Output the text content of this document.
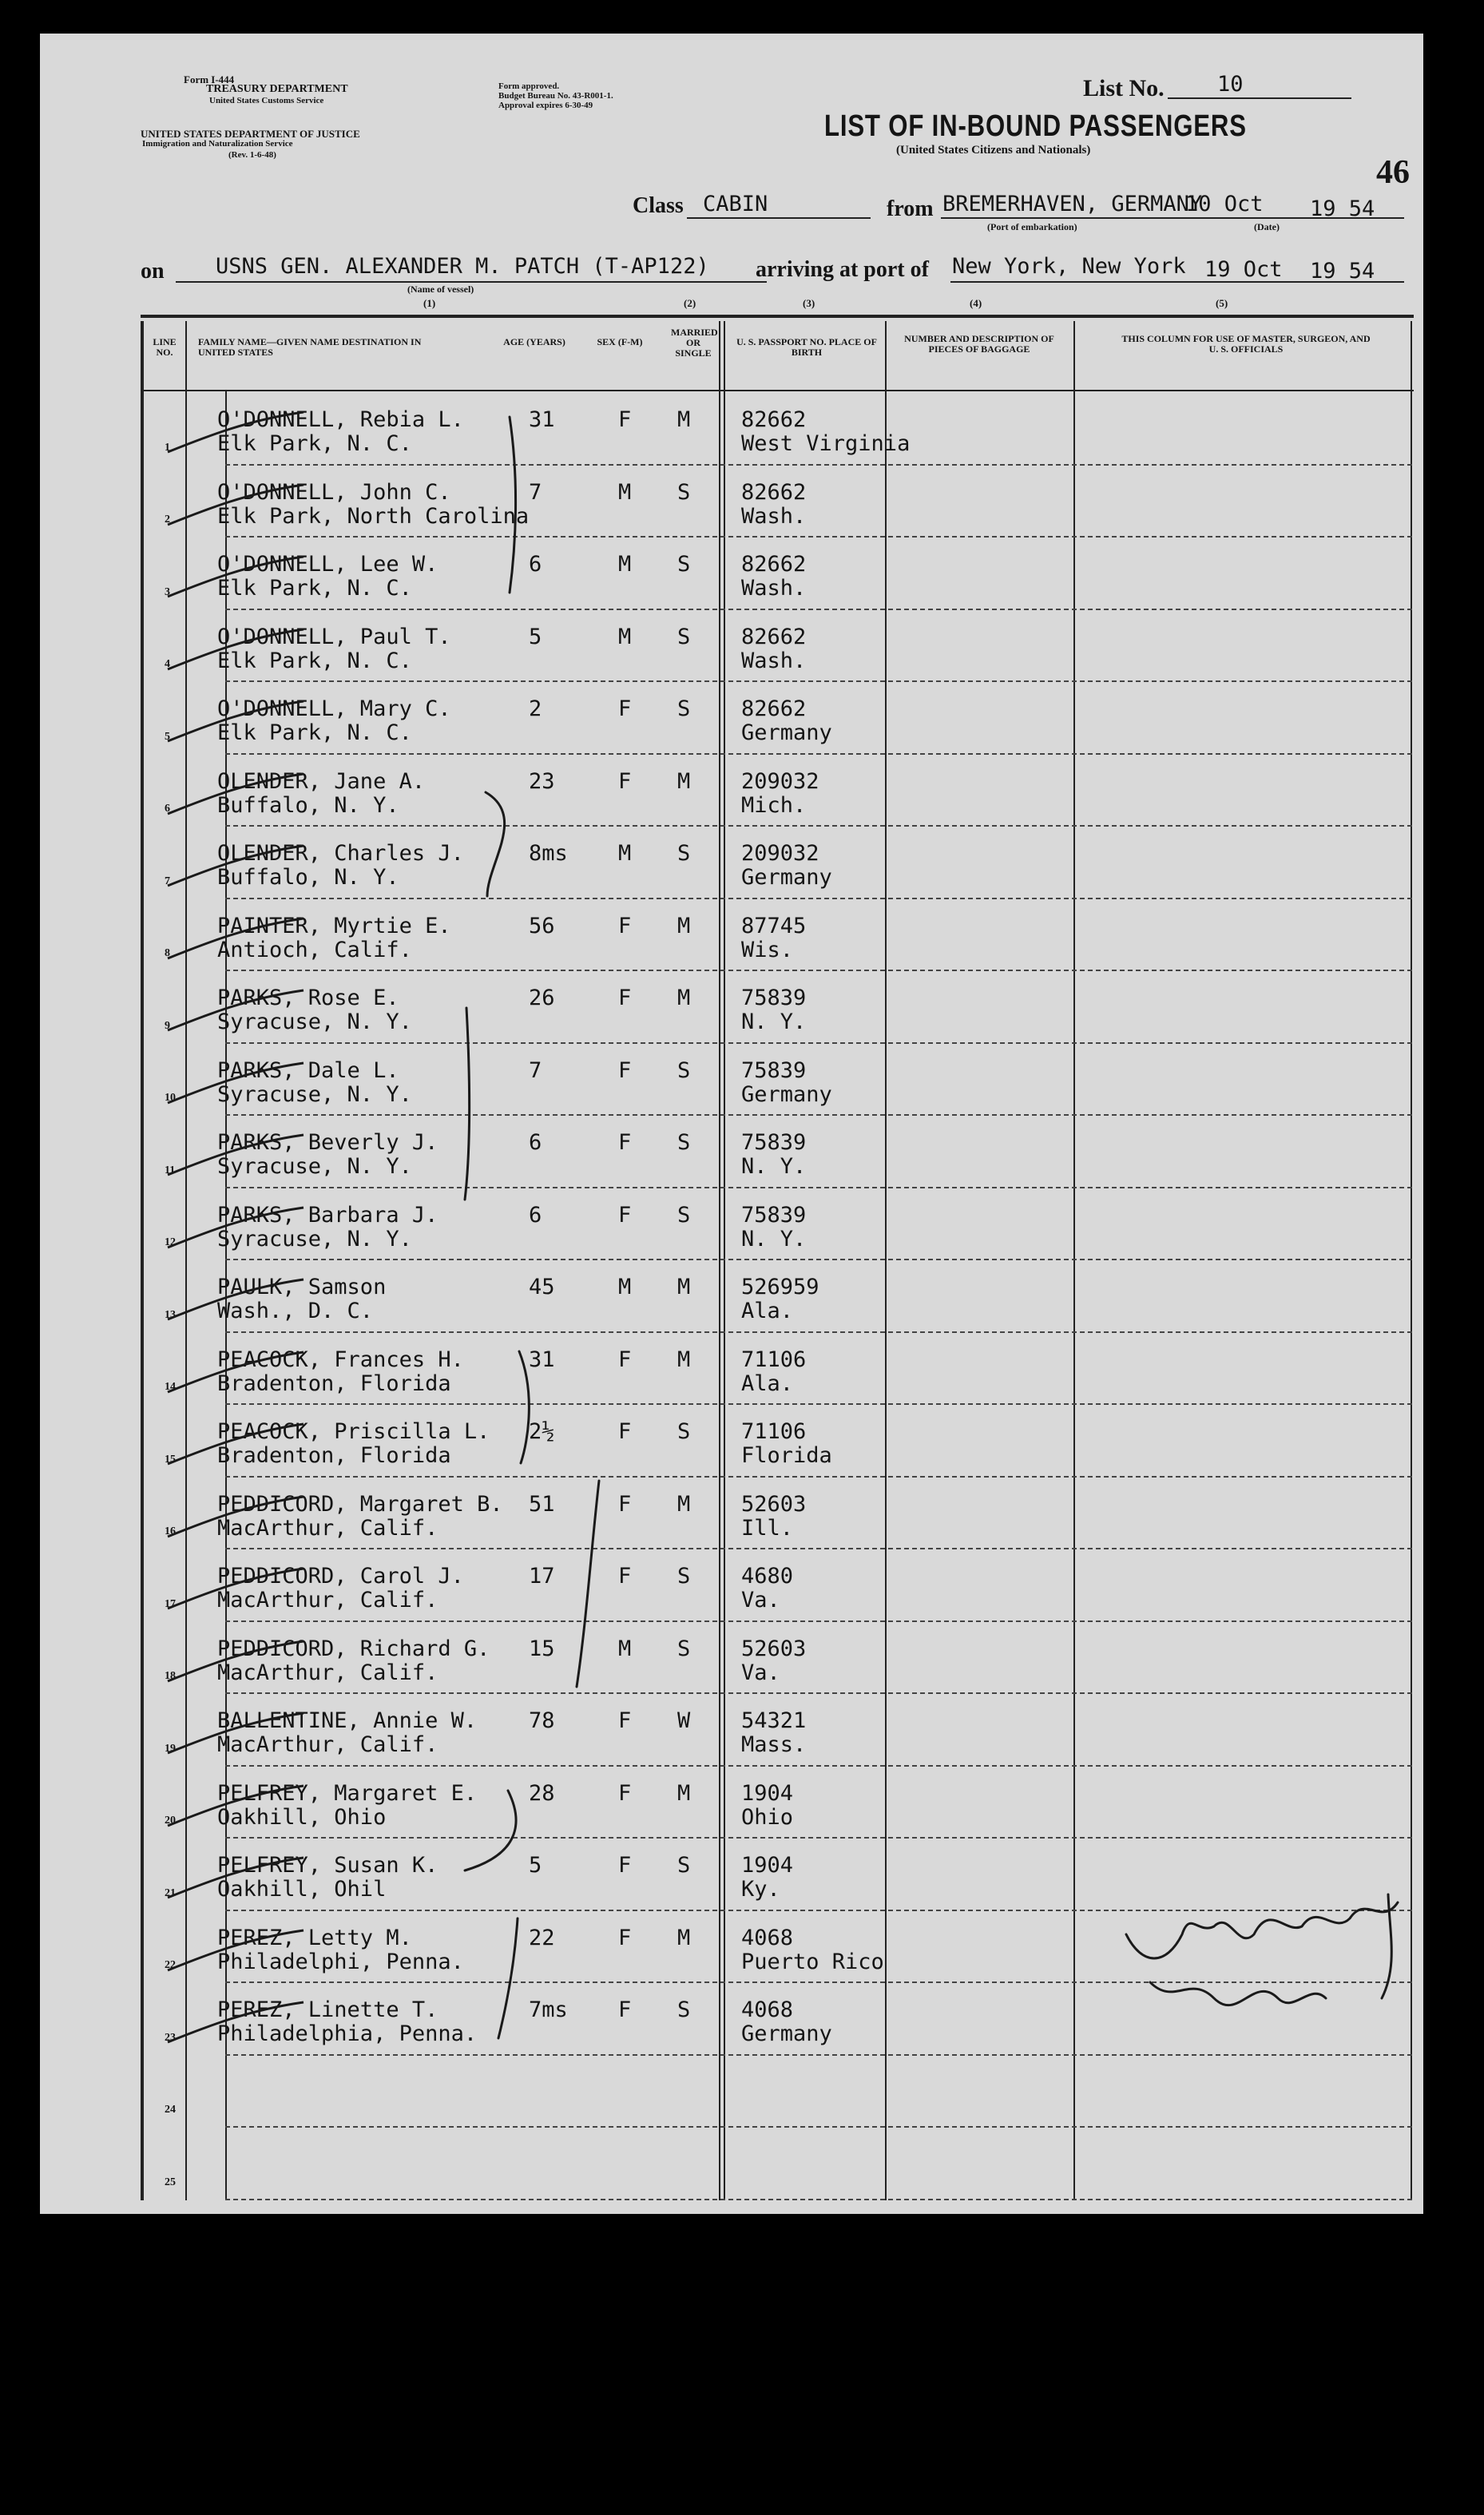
Form I-444
TREASURY DEPARTMENT
United States Customs Service
UNITED STATES DEPARTMENT OF JUSTICE
Immigration and Naturalization Service
(Rev. 1-6-48)
Form approved.
Budget Bureau No. 43-R001-1.
Approval expires 6-30-49
List No. 10
LIST OF IN-BOUND PASSENGERS
(United States Citizens and Nationals)
46
Class CABIN	from BREMERHAVEN, GERMANY
10 Oct 19 54
(Port of embarkation)	(Date)
on USNS GEN. ALEXANDER M. PATCH (T-AP122)
(Name of vessel)
arriving at port of New York, New York 19 Oct 19 54
(1)	(2)	(3)	(4)	(5)
LINE NO.
FAMILY NAME—GIVEN NAME DESTINATION IN UNITED STATES
AGE (YEARS)	SEX (F-M)
MARRIED OR SINGLE
U. S. PASSPORT NO. PLACE OF BIRTH
NUMBER AND DESCRIPTION OF PIECES OF BAGGAGE
THIS COLUMN FOR USE OF MASTER, SURGEON, AND U. S. OFFICIALS
1
O'DONNELL, Rebia L.
Elk Park, N. C.
31	F M 82662
West Virginia
2
O'DONNELL, John C.
Elk Park, North Carolina
7	M S 82662
Wash.
3
O'DONNELL, Lee W.
Elk Park, N. C.
6	M S 82662
Wash.
4
O'DONNELL, Paul T.
Elk Park, N. C.
5	M S 82662
Wash.
5
O'DONNELL, Mary C.
Elk Park, N. C.
2	F S 82662
Germany
6
OLENDER, Jane A.
Buffalo, N. Y.
23	F M 209032
Mich.
7
OLENDER, Charles J.
Buffalo, N. Y.
8ms M S 209032
Germany
8
PAINTER, Myrtie E.
Antioch, Calif.
56	F M 87745
Wis.
9
PARKS, Rose E.
Syracuse, N. Y.
26	F M 75839
N. Y.
10
PARKS, Dale L.
Syracuse, N. Y.
7	F S 75839
Germany
11
PARKS, Beverly J.
Syracuse, N. Y.
6	F S 75839
N. Y.
12
PARKS, Barbara J.
Syracuse, N. Y.
6	F S 75839
N. Y.
13
PAULK, Samson
Wash., D. C.
45	M M 526959
Ala.
14
PEACOCK, Frances H.
Bradenton, Florida
31	F M 71106
Ala.
15
PEACOCK, Priscilla L.
Bradenton, Florida
2½	F S 71106
Florida
16
PEDDICORD, Margaret B.
MacArthur, Calif.
51	F M 52603
Ill.
17
PEDDICORD, Carol J.
MacArthur, Calif.
17	F S 4680
Va.
18
PEDDICORD, Richard G.
MacArthur, Calif.
15	M S 52603
Va.
19
BALLENTINE, Annie W.
MacArthur, Calif.
78	F W 54321
Mass.
20
PELFREY, Margaret E.
Oakhill, Ohio
28	F M 1904
Ohio
21
PELFREY, Susan K.
Oakhill, Ohil
5	F S 1904
Ky.
22
PEREZ, Letty M.
Philadelphi, Penna.
22	F M 4068
Puerto Rico
23
PEREZ, Linette T.
Philadelphia, Penna.
7ms F S 4068
Germany
24
25
